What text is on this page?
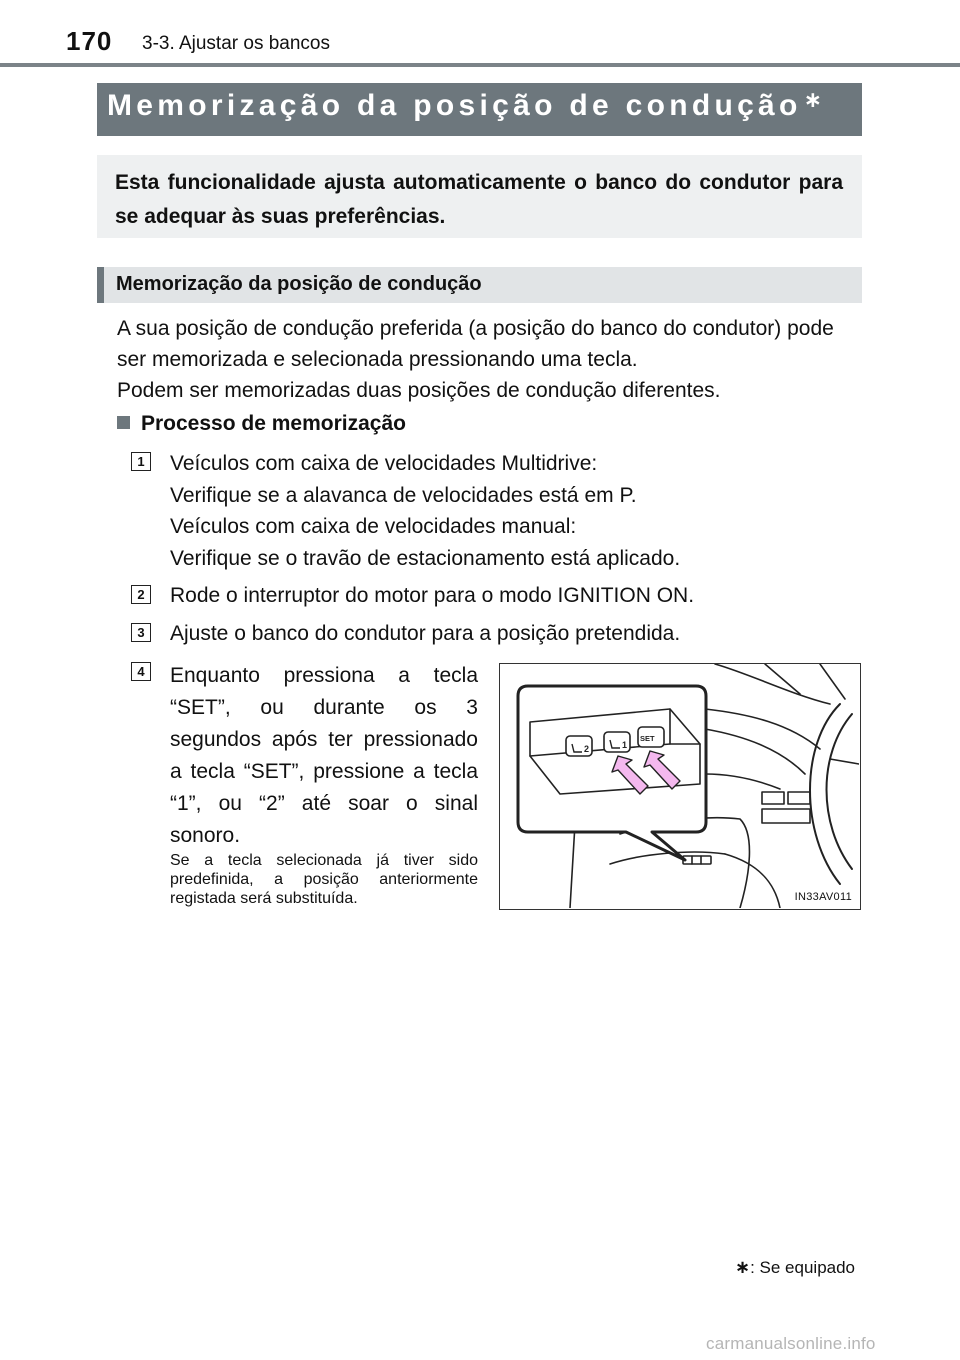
170 3-3. Ajustar os bancos
Memorização da posição de condução∗
Esta funcionalidade ajusta automaticamente o banco do condutor para se adequar às suas preferências.
Memorização da posição de condução

A sua posição de condução preferida (a posição do banco do condutor) pode ser memorizada e selecionada pressionando uma tecla.

Podem ser memorizadas duas posições de condução diferentes.

Processo de memorização
1	Veículos com caixa de velocidades Multidrive:

Verifique se a alavanca de velocidades está em P.

Veículos com caixa de velocidades manual:

Verifique se o travão de estacionamento está aplicado.

2	Rode o interruptor do motor para o modo IGNITION ON.
3	Ajuste o banco do condutor para a posição pretendida.
4	Enquanto pressiona a tecla “SET”, ou durante os 3 segundos após ter pressionado a tecla “SET”, pressione a tecla “1”, ou “2” até soar o sinal sonoro.
Se a tecla selecionada já tiver sido predefinida, a posição anteriormente registada será substituída.
2	1
SET
IN33AV011
∗: Se equipado
carmanualsonline.info
